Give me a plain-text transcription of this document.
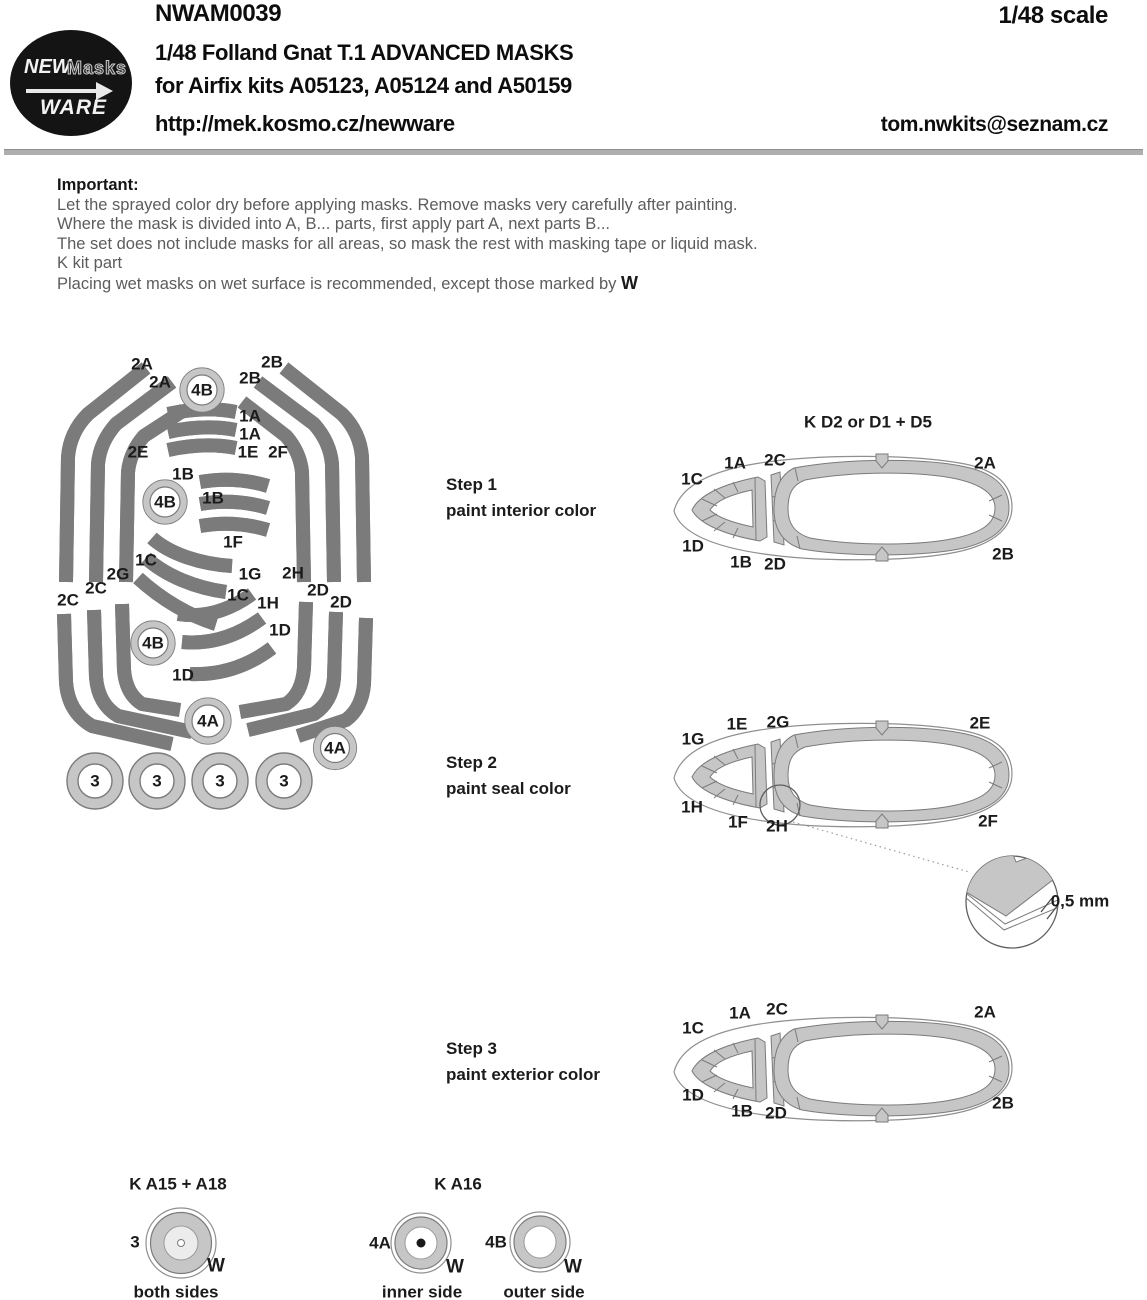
NEW
Masks
WARE
NWAM0039	1/48 scale
1/48 Folland Gnat T.1 ADVANCED MASKS
for Airfix kits A05123, A05124 and A50159
http://mek.kosmo.cz/newware	tom.nwkits@seznam.cz
Important:
Let the sprayed color dry before applying masks. Remove masks very carefully after painting.
Where the mask is divided into A, B... parts, first apply part A, next parts B...
The set does not include masks for all areas, so mask the rest with masking tape or liquid mask.
K kit part
Placing wet masks on wet surface is recommended, except those marked by W
2A
2A
2B
2B
4B
1A
1A
1E 2F
2E
1B
4B 1B
1F
1C
1G
1C 1H
2G
2C
2C
2H
2D
2D
4B
1D
1D
4A
4A
3	3	3	3
Step 1
paint interior color
Step 2
paint seal color
Step 3
paint exterior color
K D2 or D1 + D5
1A 2C	2A
1C
1D
1B 2D
2B
1E 2G	2E
1G
1H
1F 2H	2F
0,5 mm
1A 2C	2A
1C
1D
1B 2D
2B
K A15 + A18
3
W
both sides
K A16
4A
W
inner side
4B
W
outer side
